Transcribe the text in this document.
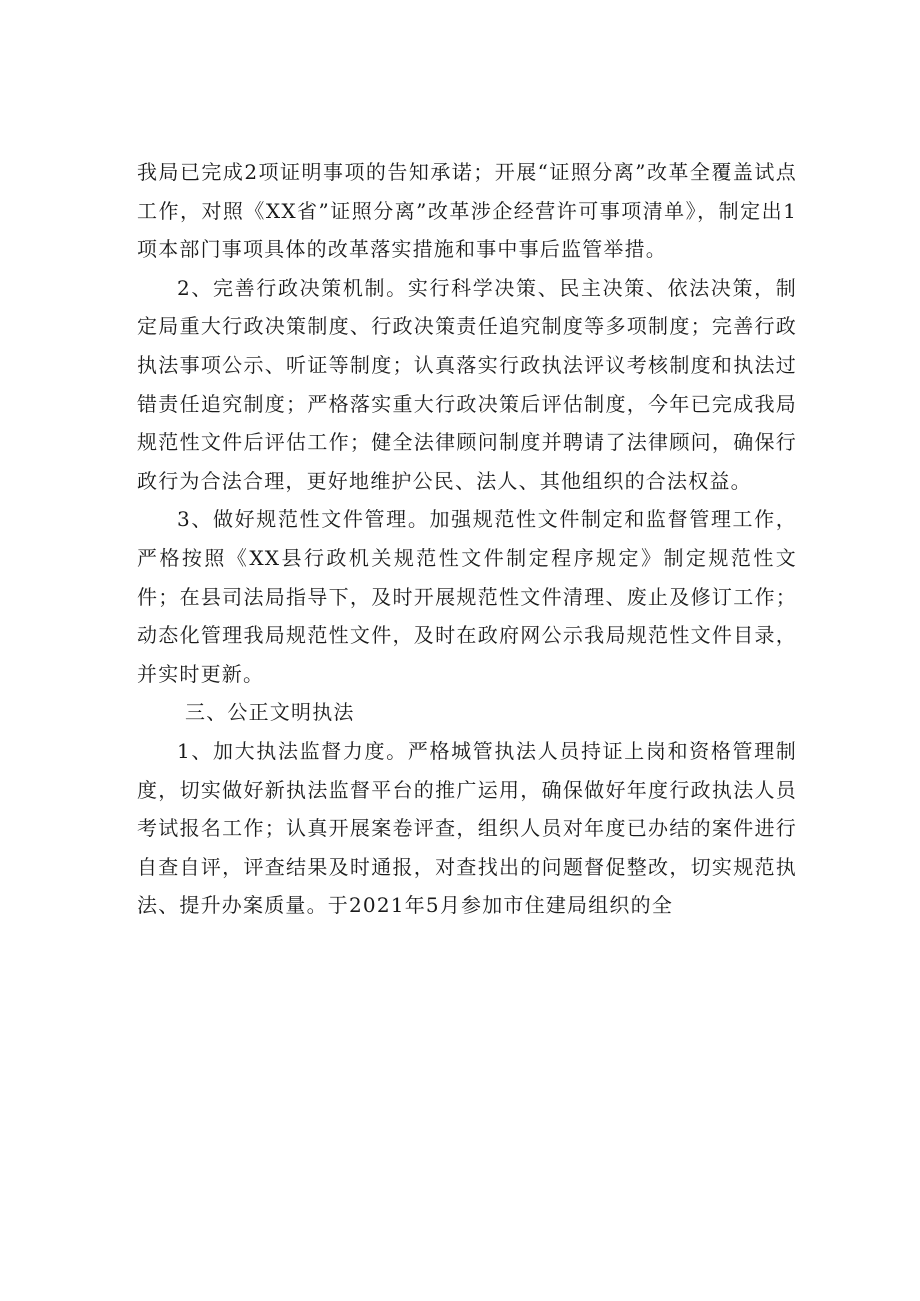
我局已完成2项证明事项的告知承诺；开展“证照分离”改革全覆盖试点工作，对照《XX省”证照分离”改革涉企经营许可事项清单》，制定出1项本部门事项具体的改革落实措施和事中事后监管举措。

2、完善行政决策机制。实行科学决策、民主决策、依法决策，制定局重大行政决策制度、行政决策责任追究制度等多项制度；完善行政执法事项公示、听证等制度；认真落实行政执法评议考核制度和执法过错责任追究制度；严格落实重大行政决策后评估制度，今年已完成我局规范性文件后评估工作；健全法律顾问制度并聘请了法律顾问，确保行政行为合法合理，更好地维护公民、法人、其他组织的合法权益。

3、做好规范性文件管理。加强规范性文件制定和监督管理工作，严格按照《XX县行政机关规范性文件制定程序规定》制定规范性文件；在县司法局指导下，及时开展规范性文件清理、废止及修订工作；动态化管理我局规范性文件，及时在政府网公示我局规范性文件目录，并实时更新。

三、公正文明执法

1、加大执法监督力度。严格城管执法人员持证上岗和资格管理制度，切实做好新执法监督平台的推广运用，确保做好年度行政执法人员考试报名工作；认真开展案卷评查，组织人员对年度已办结的案件进行自查自评，评查结果及时通报，对查找出的问题督促整改，切实规范执法、提升办案质量。于2021年5月参加市住建局组织的全
